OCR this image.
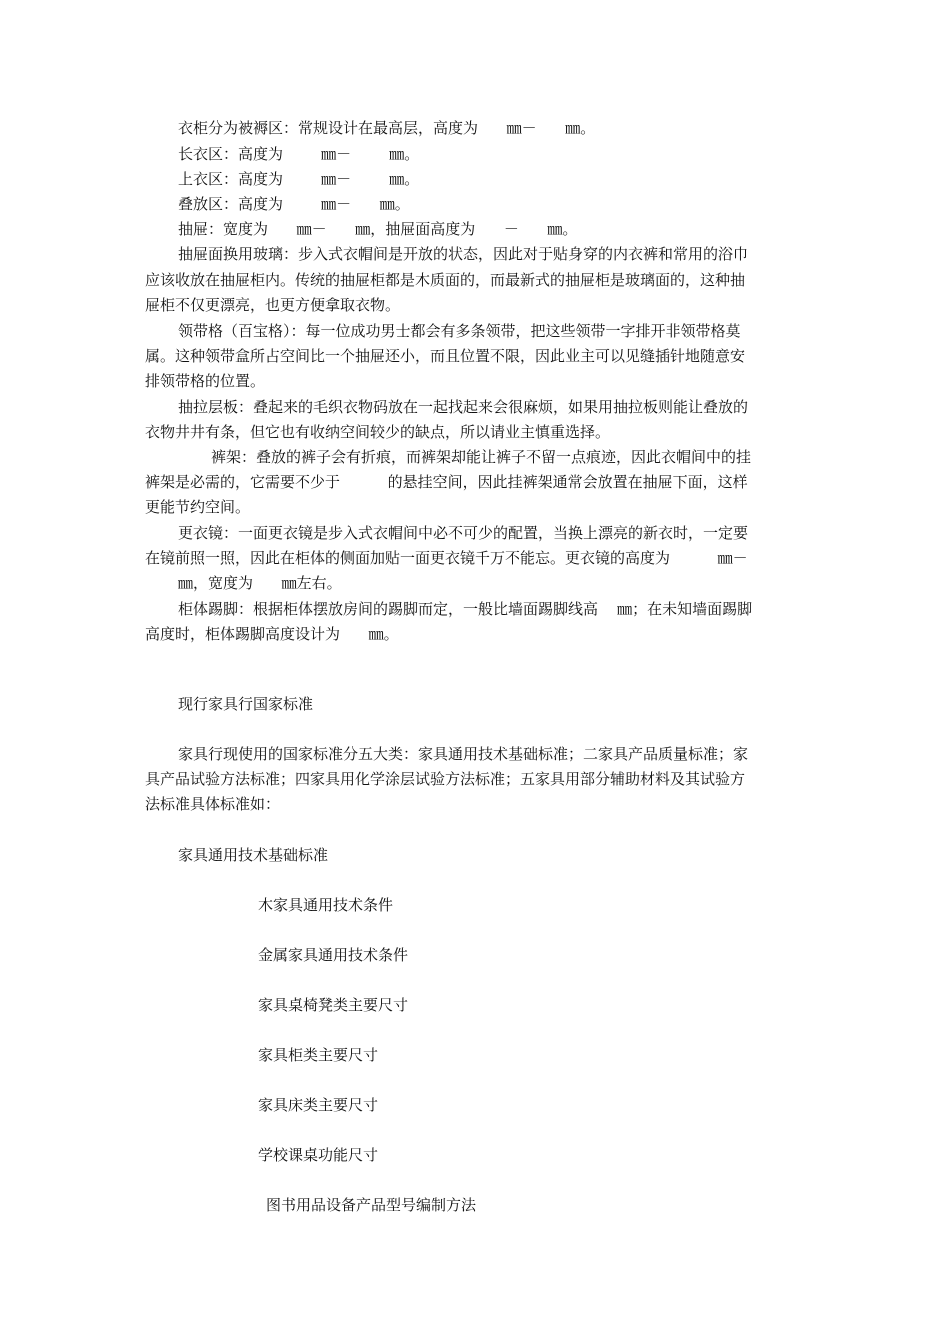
衣柜分为被褥区：常规设计在最高层，高度为      ㎜－      ㎜。

长衣区：高度为        ㎜－        ㎜。

上衣区：高度为        ㎜－        ㎜。

叠放区：高度为        ㎜－      ㎜。

抽屉：宽度为      ㎜－      ㎜，抽屉面高度为      －      ㎜。

抽屉面换用玻璃：步入式衣帽间是开放的状态，因此对于贴身穿的内衣裤和常用的浴巾

应该收放在抽屉柜内。传统的抽屉柜都是木质面的，而最新式的抽屉柜是玻璃面的，这种抽

屉柜不仅更漂亮，也更方便拿取衣物。

领带格（百宝格）：每一位成功男士都会有多条领带，把这些领带一字排开非领带格莫

属。这种领带盒所占空间比一个抽屉还小，而且位置不限，因此业主可以见缝插针地随意安

排领带格的位置。

抽拉层板：叠起来的毛织衣物码放在一起找起来会很麻烦，如果用抽拉板则能让叠放的

衣物井井有条，但它也有收纳空间较少的缺点，所以请业主慎重选择。

裤架：叠放的裤子会有折痕，而裤架却能让裤子不留一点痕迹，因此衣帽间中的挂

裤架是必需的，它需要不少于          的悬挂空间，因此挂裤架通常会放置在抽屉下面，这样

更能节约空间。

更衣镜：一面更衣镜是步入式衣帽间中必不可少的配置，当换上漂亮的新衣时，一定要

在镜前照一照，因此在柜体的侧面加贴一面更衣镜千万不能忘。更衣镜的高度为          ㎜－

㎜，宽度为      ㎜左右。

柜体踢脚：根据柜体摆放房间的踢脚而定，一般比墙面踢脚线高    ㎜；在未知墙面踢脚

高度时，柜体踢脚高度设计为      ㎜。

现行家具行国家标准

家具行现使用的国家标准分五大类：家具通用技术基础标准；二家具产品质量标准；家

具产品试验方法标准；四家具用化学涂层试验方法标准；五家具用部分辅助材料及其试验方

法标准具体标准如：

家具通用技术基础标准

木家具通用技术条件

金属家具通用技术条件

家具桌椅凳类主要尺寸

家具柜类主要尺寸

家具床类主要尺寸

学校课桌功能尺寸

图书用品设备产品型号编制方法
